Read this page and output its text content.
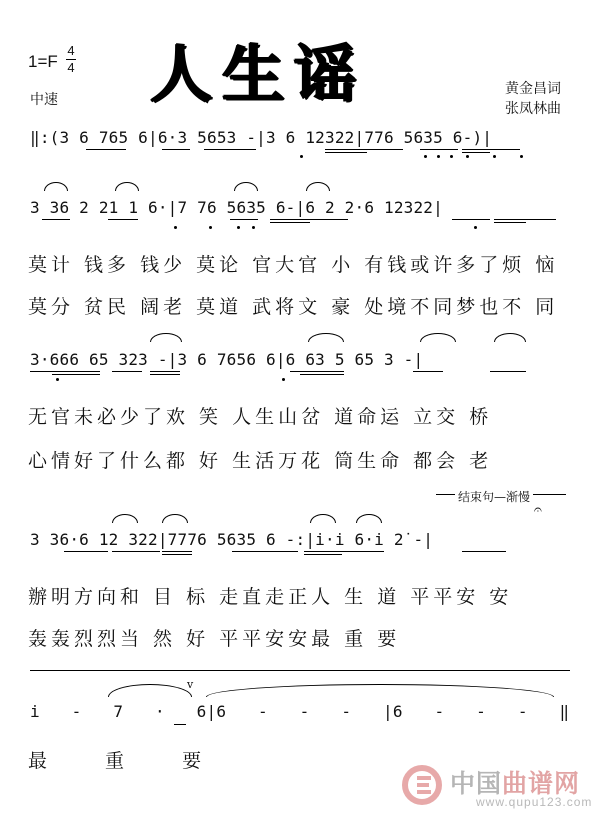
人生谣
1=F
4
4
中速
黄金昌词
张凤林曲
‖:(3 6 765 6|6·3 5653 -|3 6 12322|776 5635 6-)|
3 36 2 21 1 6·|7 76 5635 6-|6 2 2·6 12322|
莫计 钱多 钱少 莫论 官大官 小 有钱或许多了烦 恼
莫分 贫民 阔老 莫道 武将文 豪 处境不同梦也不 同
3·666 65 323 -|3 6 7656 6|6 63 5 65 3 -|
无官未必少了欢 笑 人生山岔 道命运 立交 桥
心情好了什么都 好 生活万花 筒生命 都会 老
结束句—渐慢
𝄐
3 36·6 12 322|7776 5635 6 -:|i·i 6·i 2̇ -|
辦明方向和 目 标 走直走正人 生 道 平平安 安
轰轰烈烈当 然 好 平平安安最 重 要
v
i - 7 · 6|6 - - - |6 - - - ‖
最 重 要
中国曲谱网
www.qupu123.com
